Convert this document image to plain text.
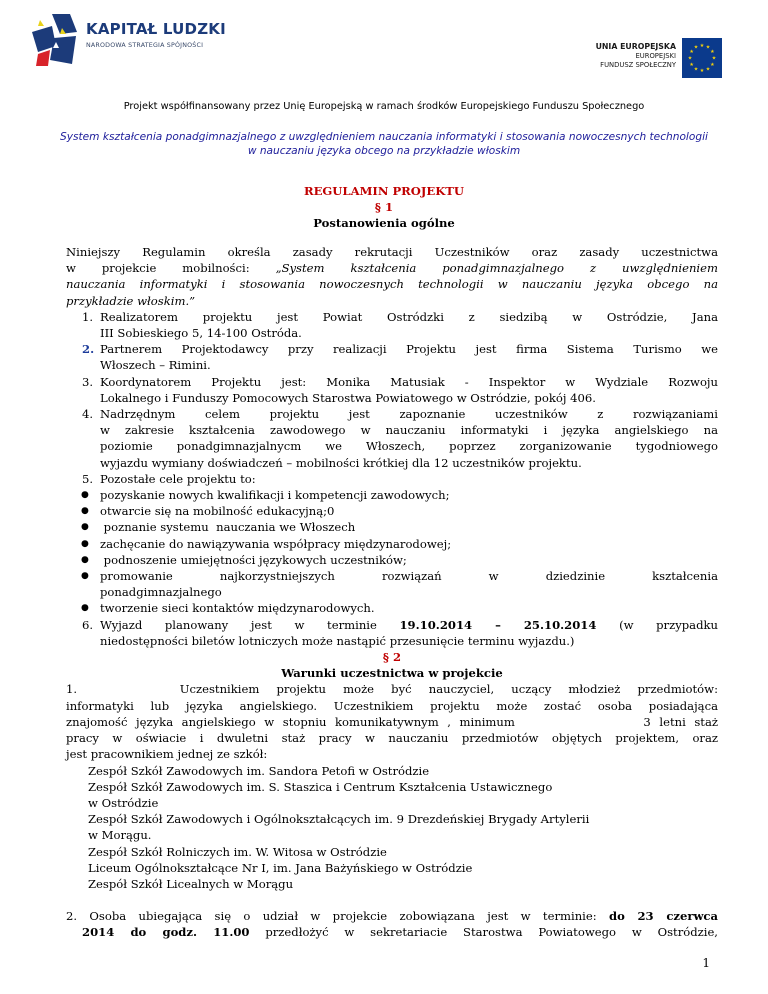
KAPITAŁ LUDZKI
NARODOWA STRATEGIA SPÓJNOŚCI	UNIA EUROPEJSKA
EUROPEJSKI
FUNDUSZ SPOŁECZNY
★ ★
★
★
★
★
★
★
★
★
★
★
Projekt współfinansowany przez Unię Europejską w ramach środków Europejskiego Funduszu Społecznego
System kształcenia ponadgimnazjalnego z uwzględnieniem nauczania informatyki i stosowania nowoczesnych technologii w nauczaniu języka obcego na przykładzie włoskim
REGULAMIN PROJEKTU
§ 1
Postanowienia ogólne
Niniejszy Regulamin określa zasady rekrutacji Uczestników oraz zasady uczestnictwa
w projekcie mobilności: „System kształcenia ponadgimnazjalnego z uwzględnieniem
nauczania informatyki i stosowania nowoczesnych technologii w nauczaniu języka obcego na
przykładzie włoskim.”
1. Realizatorem projektu jest Powiat Ostródzki z siedzibą w Ostródzie, Jana
III Sobieskiego 5, 14-100 Ostróda.
2. Partnerem Projektodawcy przy realizacji Projektu jest firma Sistema Turismo we
Włoszech – Rimini.
3. Koordynatorem Projektu jest: Monika Matusiak - Inspektor w Wydziale Rozwoju
Lokalnego i Funduszy Pomocowych Starostwa Powiatowego w Ostródzie, pokój 406.
4. Nadrzędnym celem projektu jest zapoznanie uczestników z rozwiązaniami
w zakresie kształcenia zawodowego w nauczaniu informatyki i języka angielskiego na
poziomie ponadgimnazjalnycm we Włoszech, poprzez zorganizowanie tygodniowego
wyjazdu wymiany doświadczeń – mobilności krótkiej dla 12 uczestników projektu.
5. Pozostałe cele projektu to:
● pozyskanie nowych kwalifikacji i kompetencji zawodowych;
● otwarcie się na mobilność edukacyjną;0
● poznanie systemu  nauczania we Włoszech
● zachęcanie do nawiązywania współpracy międzynarodowej;
● podnoszenie umiejętności językowych uczestników;
● promowanie najkorzystniejszych rozwiązań w dziedzinie kształcenia
ponadgimnazjalnego
● tworzenie sieci kontaktów międzynarodowych.
6. Wyjazd planowany jest w terminie 19.10.2014 – 25.10.2014 (w przypadku
niedostępności biletów lotniczych może nastąpić przesunięcie terminu wyjazdu.)
§ 2
Warunki uczestnictwa w projekcie
1.      Uczestnikiem projektu może być nauczyciel, uczący młodzież przedmiotów:
informatyki lub języka angielskiego. Uczestnikiem projektu może zostać osoba posiadająca
znajomość języka angielskiego w stopniu komunikatywnym , minimum               3 letni staż
pracy w oświacie i dwuletni staż pracy w nauczaniu przedmiotów objętych projektem, oraz
jest pracownikiem jednej ze szkół:
Zespół Szkół Zawodowych im. Sandora Petofi w Ostródzie
Zespół Szkół Zawodowych im. S. Staszica i Centrum Kształcenia Ustawicznego
w Ostródzie
Zespół Szkół Zawodowych i Ogólnokształcących im. 9 Drezdeńskiej Brygady Artylerii
w Morągu.
Zespół Szkół Rolniczych im. W. Witosa w Ostródzie
Liceum Ogólnokształcące Nr I, im. Jana Bażyńskiego w Ostródzie
Zespół Szkół Licealnych w Morągu
2. Osoba ubiegająca się o udział w projekcie zobowiązana jest w terminie: do 23 czerwca
2014 do godz. 11.00 przedłożyć w sekretariacie Starostwa Powiatowego w Ostródzie,
1
